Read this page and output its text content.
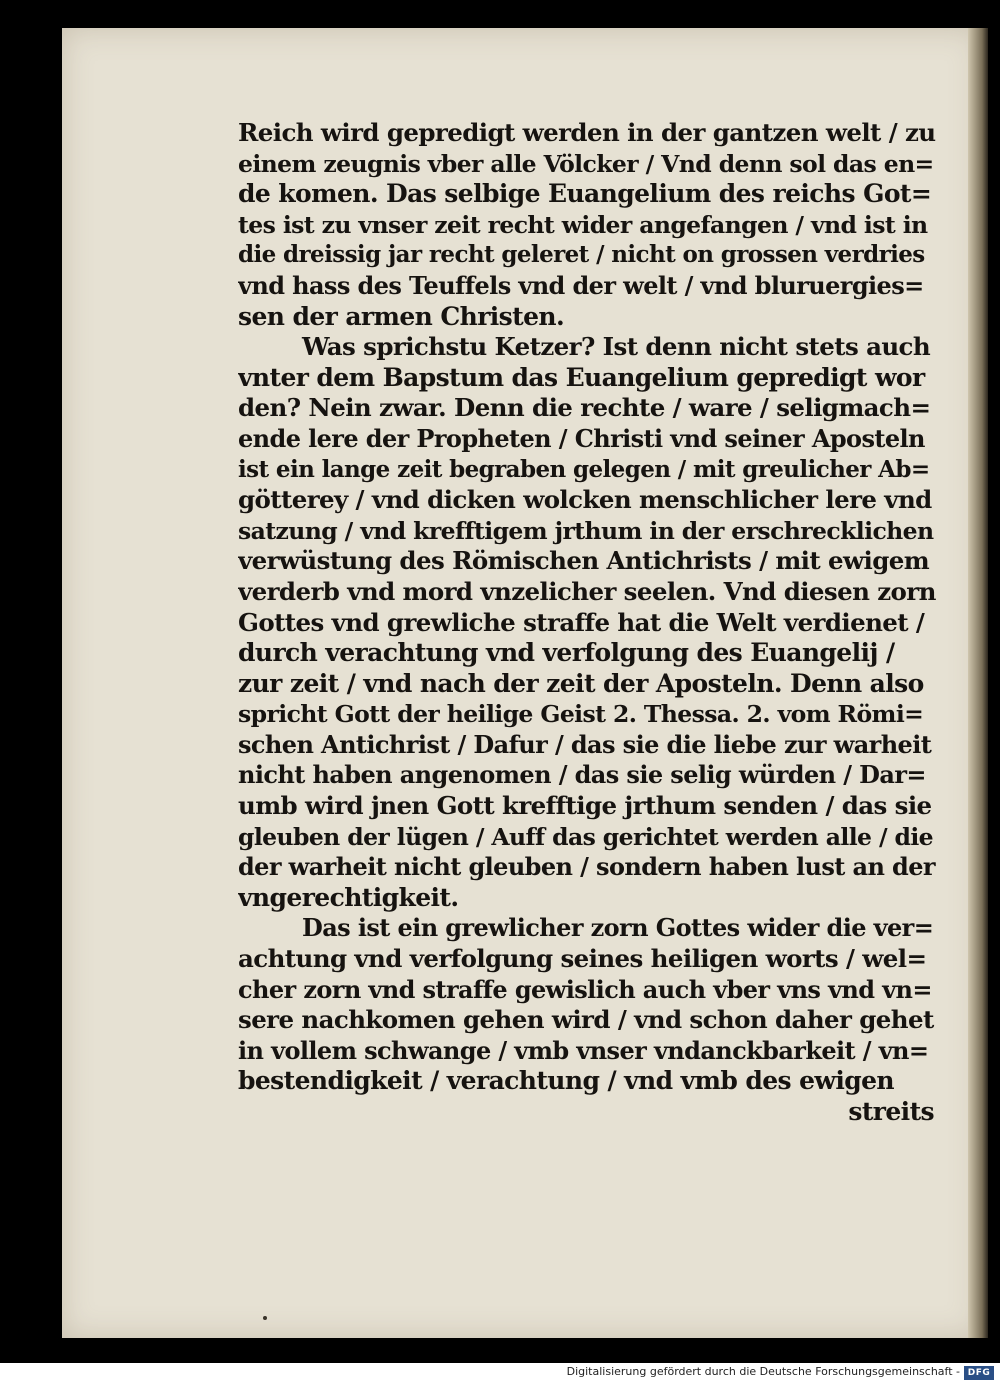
Reich wird gepredigt werden in der gantzen welt / zu
einem zeugnis vber alle Völcker / Vnd denn sol das en=
de komen. Das selbige Euangelium des reichs Got=
tes ist zu vnser zeit recht wider angefangen / vnd ist in
die dreissig jar recht geleret / nicht on grossen verdries
vnd hass des Teuffels vnd der welt / vnd bluruergies=
sen der armen Christen.
Was sprichstu Ketzer? Ist denn nicht stets auch
vnter dem Bapstum das Euangelium gepredigt wor
den? Nein zwar. Denn die rechte / ware / seligmach=
ende lere der Propheten / Christi vnd seiner Aposteln
ist ein lange zeit begraben gelegen / mit greulicher Ab=
götterey / vnd dicken wolcken menschlicher lere vnd
satzung / vnd krefftigem jrthum in der erschrecklichen
verwüstung des Römischen Antichrists / mit ewigem
verderb vnd mord vnzelicher seelen. Vnd diesen zorn
Gottes vnd grewliche straffe hat die Welt verdienet /
durch verachtung vnd verfolgung des Euangelij /
zur zeit / vnd nach der zeit der Aposteln. Denn also
spricht Gott der heilige Geist 2. Thessa. 2. vom Römi=
schen Antichrist / Dafur / das sie die liebe zur warheit
nicht haben angenomen / das sie selig würden / Dar=
umb wird jnen Gott krefftige jrthum senden / das sie
gleuben der lügen / Auff das gerichtet werden alle / die
der warheit nicht gleuben / sondern haben lust an der
vngerechtigkeit.
Das ist ein grewlicher zorn Gottes wider die ver=
achtung vnd verfolgung seines heiligen worts / wel=
cher zorn vnd straffe gewislich auch vber vns vnd vn=
sere nachkomen gehen wird / vnd schon daher gehet
in vollem schwange / vmb vnser vndanckbarkeit / vn=
bestendigkeit / verachtung / vnd vmb des ewigen
streits
Digitalisierung gefördert durch die Deutsche Forschungsgemeinschaft - DFG
